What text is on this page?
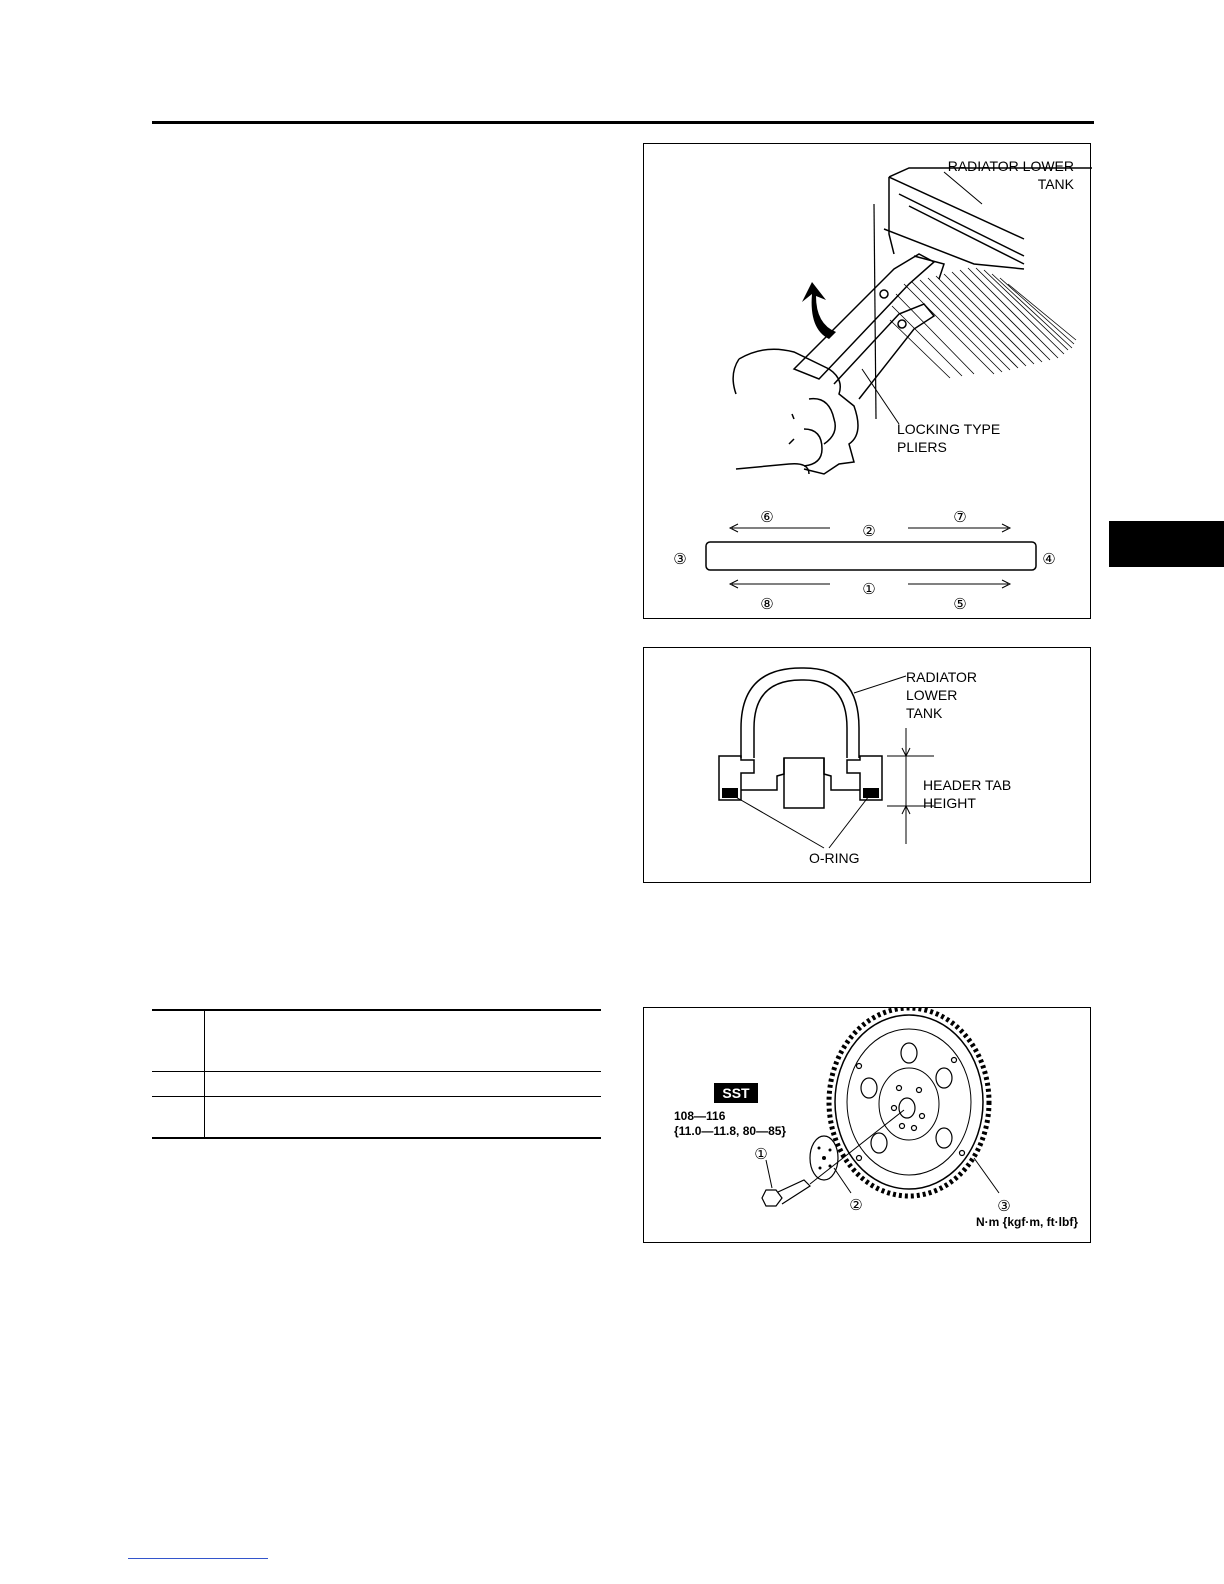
RADIATOR LOWER
TANK
LOCKING TYPE
PLIERS
⑥	⑦
②
③	④
①
⑧	⑤
RADIATOR
LOWER
TANK
HEADER TAB
HEIGHT
O-RING

SST
108—116
{11.0—11.8, 80—85}
①
②	③
N·m {kgf·m, ft·lbf}
